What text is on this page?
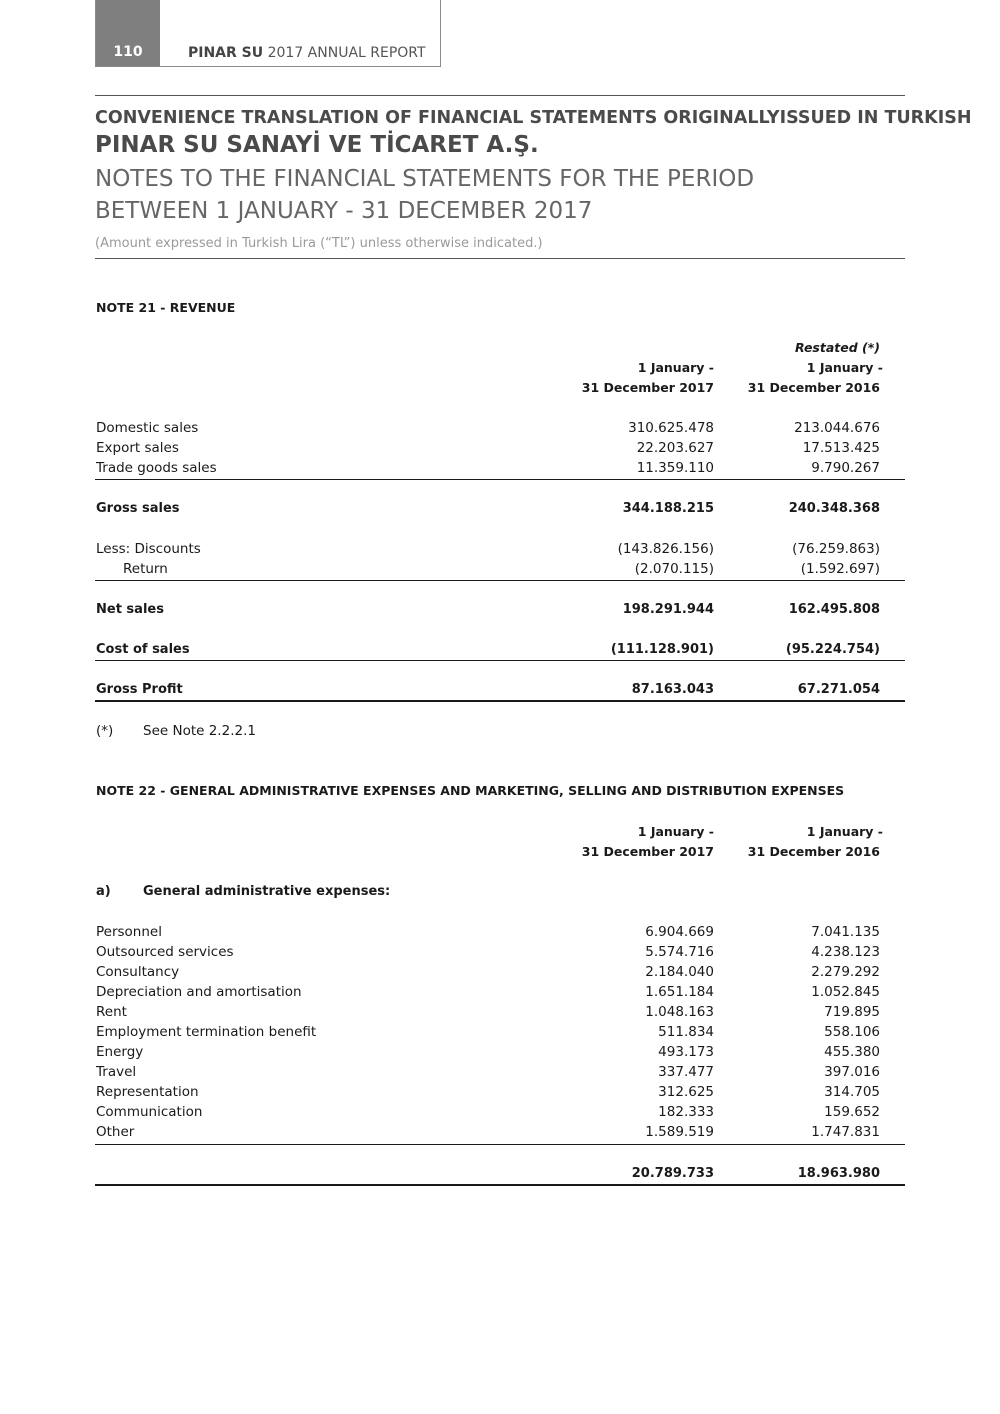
110	PINAR SU 2017 ANNUAL REPORT
CONVENIENCE TRANSLATION OF FINANCIAL STATEMENTS ORIGINALLYISSUED IN TURKISH
PINAR SU SANAYİ VE TİCARET A.Ş.
NOTES TO THE FINANCIAL STATEMENTS FOR THE PERIOD
BETWEEN 1 JANUARY - 31 DECEMBER 2017
(Amount expressed in Turkish Lira (“TL”) unless otherwise indicated.)
NOTE 21 - REVENUE
Restated (*)
1 January -	1 January -
31 December 2017	31 December 2016
Domestic sales	310.625.478	213.044.676
Export sales	22.203.627	17.513.425
Trade goods sales	11.359.110	9.790.267
Gross sales	344.188.215	240.348.368
Less: Discounts	(143.826.156)	(76.259.863)
Return	(2.070.115)	(1.592.697)
Net sales	198.291.944	162.495.808
Cost of sales	(111.128.901)	(95.224.754)
Gross Profit	87.163.043	67.271.054
(*) See Note 2.2.2.1
NOTE 22 - GENERAL ADMINISTRATIVE EXPENSES AND MARKETING, SELLING AND DISTRIBUTION EXPENSES
1 January -	1 January -
31 December 2017	31 December 2016
a) General administrative expenses:
Personnel	6.904.669	7.041.135
Outsourced services	5.574.716	4.238.123
Consultancy	2.184.040	2.279.292
Depreciation and amortisation	1.651.184	1.052.845
Rent	1.048.163	719.895
Employment termination benefit	511.834	558.106
Energy	493.173	455.380
Travel	337.477	397.016
Representation	312.625	314.705
Communication	182.333	159.652
Other	1.589.519	1.747.831
20.789.733	18.963.980
